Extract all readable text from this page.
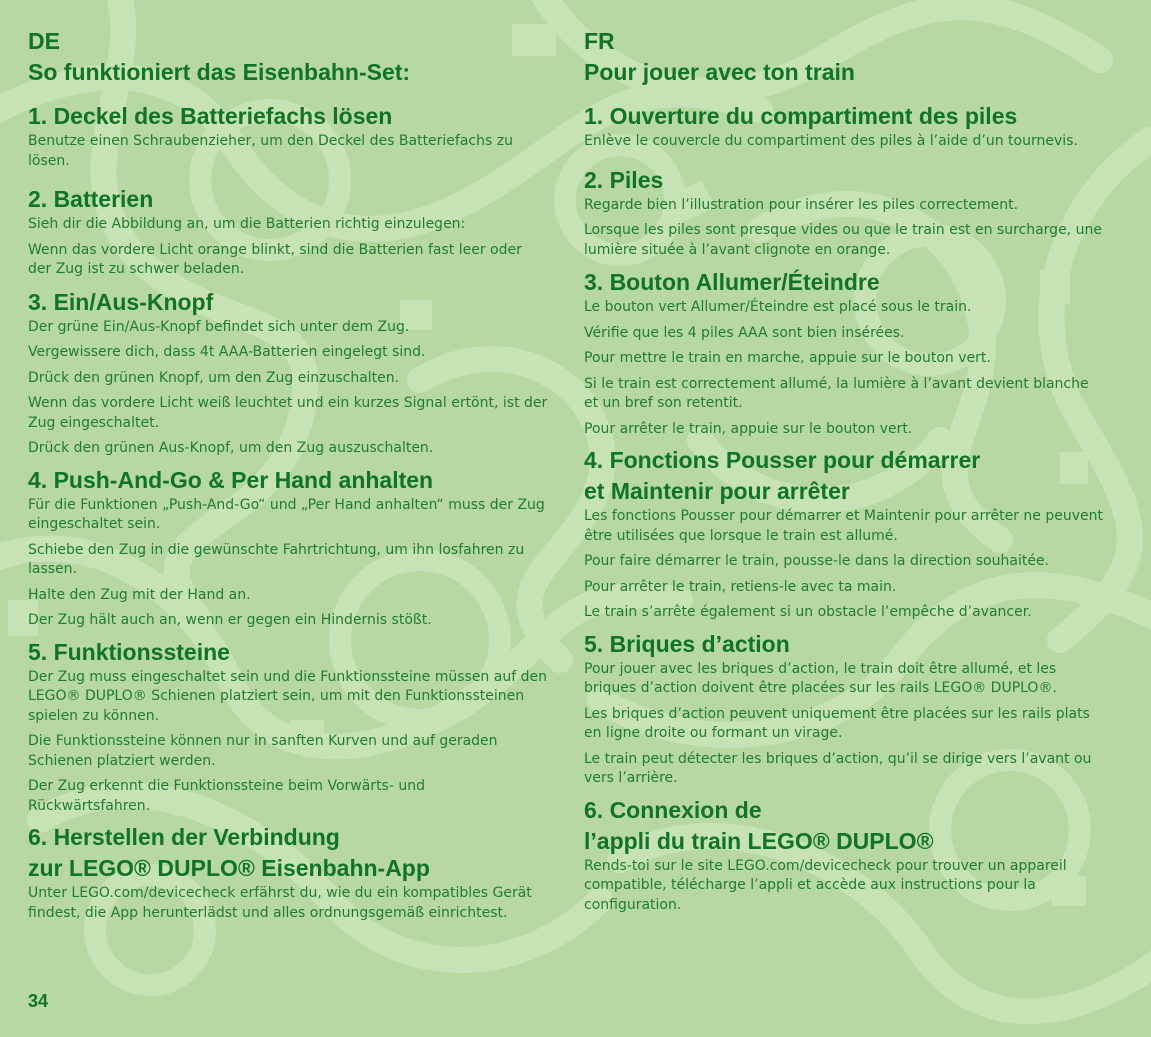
DE
So funktioniert das Eisenbahn-Set:
1. Deckel des Batteriefachs lösen

Benutze einen Schraubenzieher, um den Deckel des Batteriefachs zu lösen.

2. Batterien

Sieh dir die Abbildung an, um die Batterien richtig einzulegen:

Wenn das vordere Licht orange blinkt, sind die Batterien fast leer oder der Zug ist zu schwer beladen.

3. Ein/Aus-Knopf

Der grüne Ein/Aus-Knopf befindet sich unter dem Zug.

Vergewissere dich, dass 4t AAA-Batterien eingelegt sind.

Drück den grünen Knopf, um den Zug einzuschalten.

Wenn das vordere Licht weiß leuchtet und ein kurzes Signal ertönt, ist der Zug eingeschaltet.

Drück den grünen Aus-Knopf, um den Zug auszuschalten.

4. Push-And-Go & Per Hand anhalten

Für die Funktionen „Push-And-Go“ und „Per Hand anhalten“ muss der Zug eingeschaltet sein.

Schiebe den Zug in die gewünschte Fahrtrichtung, um ihn losfahren zu lassen.

Halte den Zug mit der Hand an.

Der Zug hält auch an, wenn er gegen ein Hindernis stößt.

5. Funktionssteine

Der Zug muss eingeschaltet sein und die Funktionssteine müssen auf den LEGO® DUPLO® Schienen platziert sein, um mit den Funktionssteinen spielen zu können.

Die Funktionssteine können nur in sanften Kurven und auf geraden Schienen platziert werden.

Der Zug erkennt die Funktionssteine beim Vorwärts- und Rückwärtsfahren.

6. Herstellen der Verbindung
zur LEGO® DUPLO® Eisenbahn-App

Unter LEGO.com/devicecheck erfährst du, wie du ein kompatibles Gerät findest, die App herunterlädst und alles ordnungsgemäß einrichtest.

FR
Pour jouer avec ton train
1. Ouverture du compartiment des piles

Enlève le couvercle du compartiment des piles à l’aide d’un tournevis.

2. Piles

Regarde bien l’illustration pour insérer les piles correctement.

Lorsque les piles sont presque vides ou que le train est en surcharge, une lumière située à l’avant clignote en orange.

3. Bouton Allumer/Éteindre

Le bouton vert Allumer/Éteindre est placé sous le train.

Vérifie que les 4 piles AAA sont bien insérées.

Pour mettre le train en marche, appuie sur le bouton vert.

Si le train est correctement allumé, la lumière à l’avant devient blanche et un bref son retentit.

Pour arrêter le train, appuie sur le bouton vert.

4. Fonctions Pousser pour démarrer
et Maintenir pour arrêter

Les fonctions Pousser pour démarrer et Maintenir pour arrêter ne peuvent être utilisées que lorsque le train est allumé.

Pour faire démarrer le train, pousse-le dans la direction souhaitée.

Pour arrêter le train, retiens-le avec ta main.

Le train s’arrête également si un obstacle l’empêche d’avancer.

5. Briques d’action

Pour jouer avec les briques d’action, le train doit être allumé, et les briques d’action doivent être placées sur les rails LEGO® DUPLO®.

Les briques d’action peuvent uniquement être placées sur les rails plats en ligne droite ou formant un virage.

Le train peut détecter les briques d’action, qu’il se dirige vers l’avant ou vers l’arrière.

6. Connexion de
l’appli du train LEGO® DUPLO®

Rends-toi sur le site LEGO.com/devicecheck pour trouver un appareil compatible, télécharge l’appli et accède aux instructions pour la configuration.

34
